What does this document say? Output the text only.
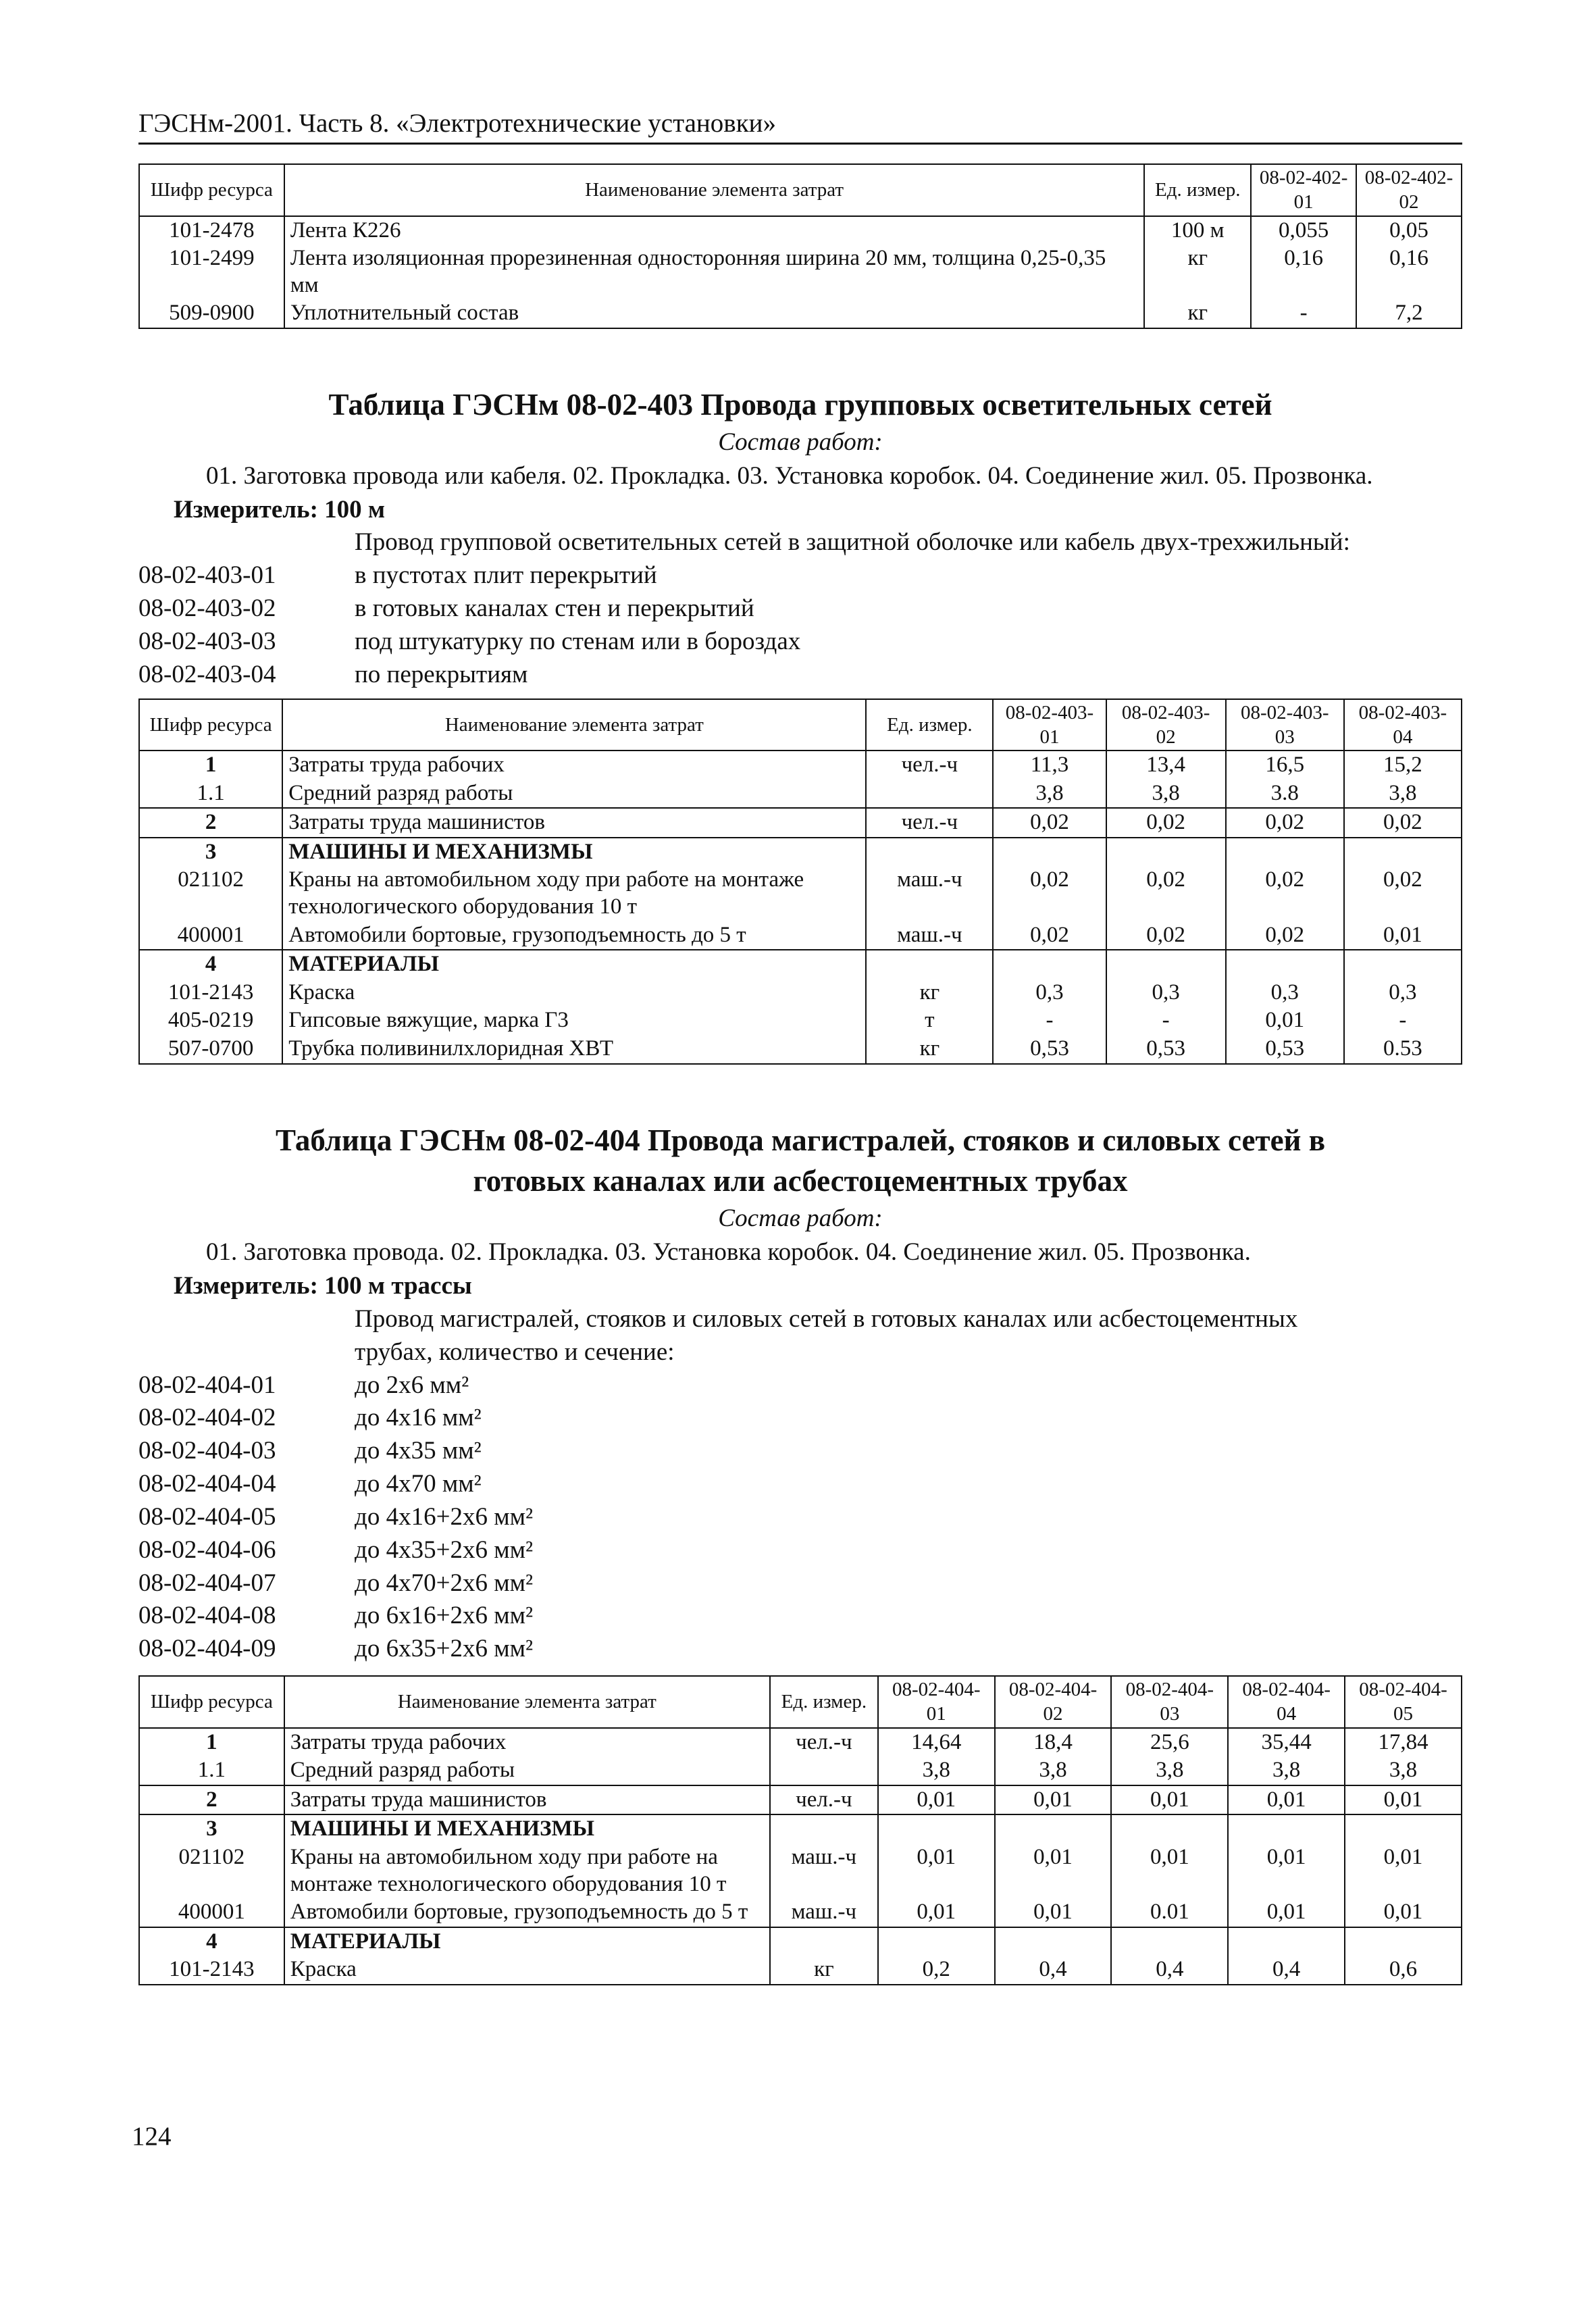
ГЭСНм-2001. Часть 8. «Электротехнические установки»
Шифр ресурса	Наименование элемента затрат	Ед. измер.	08-02-402-01	08-02-402-02
101-2478	Лента К226	100 м	0,055	0,05
101-2499	Лента изоляционная прорезиненная односторонняя ширина 20 мм, толщина 0,25-0,35 мм	кг	0,16	0,16
509-0900	Уплотнительный состав	кг	-	7,2
Таблица ГЭСНм 08-02-403 Провода групповых осветительных сетей
Состав работ:
01. Заготовка провода или кабеля. 02. Прокладка. 03. Установка коробок. 04. Соединение жил. 05. Прозвонка.
Измеритель: 100 м
Провод групповой осветительных сетей в защитной оболочке или кабель двух-трехжильный:
08-02-403-01	в пустотах плит перекрытий
08-02-403-02	в готовых каналах стен и перекрытий
08-02-403-03	под штукатурку по стенам или в бороздах
08-02-403-04	по перекрытиям
Шифр ресурса	Наименование элемента затрат	Ед. измер.	08-02-403-01	08-02-403-02	08-02-403-03	08-02-403-04
1	Затраты труда рабочих	чел.-ч	11,3	13,4	16,5	15,2
1.1	Средний разряд работы		3,8	3,8	3.8	3,8
2	Затраты труда машинистов	чел.-ч	0,02	0,02	0,02	0,02
3	МАШИНЫ И МЕХАНИЗМЫ					
021102	Краны на автомобильном ходу при работе на монтаже технологического оборудования 10 т	маш.-ч	0,02	0,02	0,02	0,02
400001	Автомобили бортовые, грузоподъемность до 5 т	маш.-ч	0,02	0,02	0,02	0,01
4	МАТЕРИАЛЫ					
101-2143	Краска	кг	0,3	0,3	0,3	0,3
405-0219	Гипсовые вяжущие, марка Г3	т	-	-	0,01	-
507-0700	Трубка поливинилхлоридная ХВТ	кг	0,53	0,53	0,53	0.53
Таблица ГЭСНм 08-02-404 Провода магистралей, стояков и силовых сетей в готовых каналах или асбестоцементных трубах
Состав работ:
01. Заготовка провода. 02. Прокладка. 03. Установка коробок. 04. Соединение жил. 05. Прозвонка.
Измеритель: 100 м трассы
Провод магистралей, стояков и силовых сетей в готовых каналах или асбестоцементных трубах, количество и сечение:
08-02-404-01	до 2х6 мм²
08-02-404-02	до 4х16 мм²
08-02-404-03	до 4х35 мм²
08-02-404-04	до 4х70 мм²
08-02-404-05	до 4х16+2х6 мм²
08-02-404-06	до 4х35+2х6 мм²
08-02-404-07	до 4х70+2х6 мм²
08-02-404-08	до 6х16+2х6 мм²
08-02-404-09	до 6х35+2х6 мм²
Шифр ресурса	Наименование элемента затрат	Ед. измер.	08-02-404-01	08-02-404-02	08-02-404-03	08-02-404-04	08-02-404-05
1	Затраты труда рабочих	чел.-ч	14,64	18,4	25,6	35,44	17,84
1.1	Средний разряд работы		3,8	3,8	3,8	3,8	3,8
2	Затраты труда машинистов	чел.-ч	0,01	0,01	0,01	0,01	0,01
3	МАШИНЫ И МЕХАНИЗМЫ						
021102	Краны на автомобильном ходу при работе на монтаже технологического оборудования 10 т	маш.-ч	0,01	0,01	0,01	0,01	0,01
400001	Автомобили бортовые, грузоподъемность до 5 т	маш.-ч	0,01	0,01	0.01	0,01	0,01
4	МАТЕРИАЛЫ						
101-2143	Краска	кг	0,2	0,4	0,4	0,4	0,6
124
